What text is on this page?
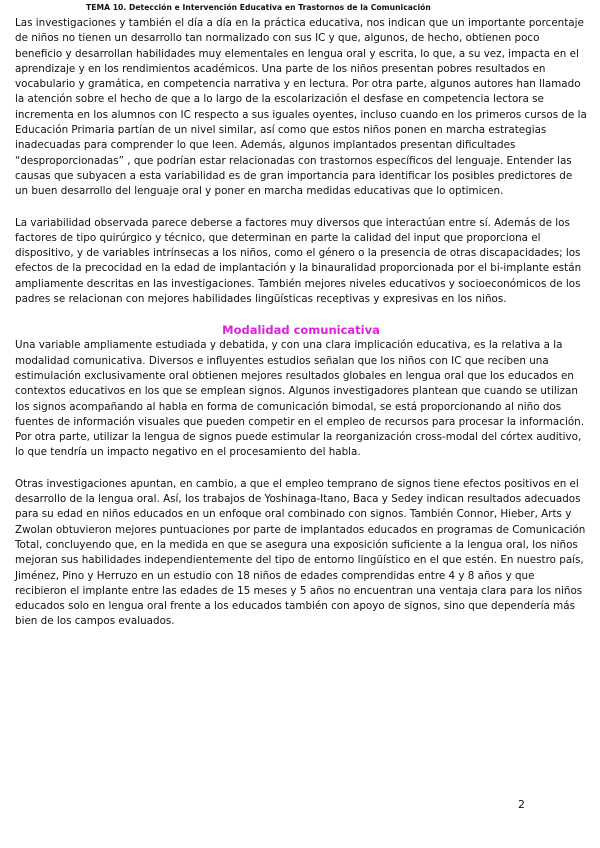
TEMA 10. Detección e Intervención Educativa en Trastornos de la Comunicación

Las investigaciones y también el día a día en la práctica educativa, nos indican que un importante porcentaje de niños no tienen un desarrollo tan normalizado con sus IC y que, algunos, de hecho, obtienen poco beneficio y desarrollan habilidades muy elementales en lengua oral y escrita, lo que, a su vez, impacta en el aprendizaje y en los rendimientos académicos. Una parte de los niños presentan pobres resultados en vocabulario y gramática, en competencia narrativa y en lectura. Por otra parte, algunos autores han llamado la atención sobre el hecho de que a lo largo de la escolarización el desfase en competencia lectora se incrementa en los alumnos con IC respecto a sus iguales oyentes, incluso cuando en los primeros cursos de la Educación Primaria partían de un nivel similar, así como que estos niños ponen en marcha estrategias inadecuadas para comprender lo que leen. Además, algunos implantados presentan dificultades “desproporcionadas” , que podrían estar relacionadas con trastornos específicos del lenguaje. Entender las causas que subyacen a esta variabilidad es de gran importancia para identificar los posibles predictores de un buen desarrollo del lenguaje oral y poner en marcha medidas educativas que lo optimicen.

La variabilidad observada parece deberse a factores muy diversos que interactúan entre sí. Además de los factores de tipo quirúrgico y técnico, que determinan en parte la calidad del input que proporciona el dispositivo, y de variables intrínsecas a los niños, como el género o la presencia de otras discapacidades; los efectos de la precocidad en la edad de implantación y la binauralidad proporcionada por el bi-implante están ampliamente descritas en las investigaciones. También mejores niveles educativos y socioeconómicos de los padres se relacionan con mejores habilidades lingüísticas receptivas y expresivas en los niños.

Modalidad comunicativa

Una variable ampliamente estudiada y debatida, y con una clara implicación educativa, es la relativa a la modalidad comunicativa. Diversos e influyentes estudios señalan que los niños con IC que reciben una estimulación exclusivamente oral obtienen mejores resultados globales en lengua oral que los educados en contextos educativos en los que se emplean signos. Algunos investigadores plantean que cuando se utilizan los signos acompañando al habla en forma de comunicación bimodal, se está proporcionando al niño dos fuentes de información visuales que pueden competir en el empleo de recursos para procesar la información. Por otra parte, utilizar la lengua de signos puede estimular la reorganización cross-modal del córtex auditivo, lo que tendría un impacto negativo en el procesamiento del habla.

Otras investigaciones apuntan, en cambio, a que el empleo temprano de signos tiene efectos positivos en el desarrollo de la lengua oral. Así, los trabajos de Yoshinaga-Itano, Baca y Sedey indican resultados adecuados para su edad en niños educados en un enfoque oral combinado con signos. También Connor, Hieber, Arts y Zwolan obtuvieron mejores puntuaciones por parte de implantados educados en programas de Comunicación Total, concluyendo que, en la medida en que se asegura una exposición suficiente a la lengua oral, los niños mejoran sus habilidades independientemente del tipo de entorno lingüístico en el que estén. En nuestro país, Jiménez, Pino y Herruzo en un estudio con 18 niños de edades comprendidas entre 4 y 8 años y que recibieron el implante entre las edades de 15 meses y 5 años no encuentran una ventaja clara para los niños educados solo en lengua oral frente a los educados también con apoyo de signos, sino que dependería más bien de los campos evaluados.

2
